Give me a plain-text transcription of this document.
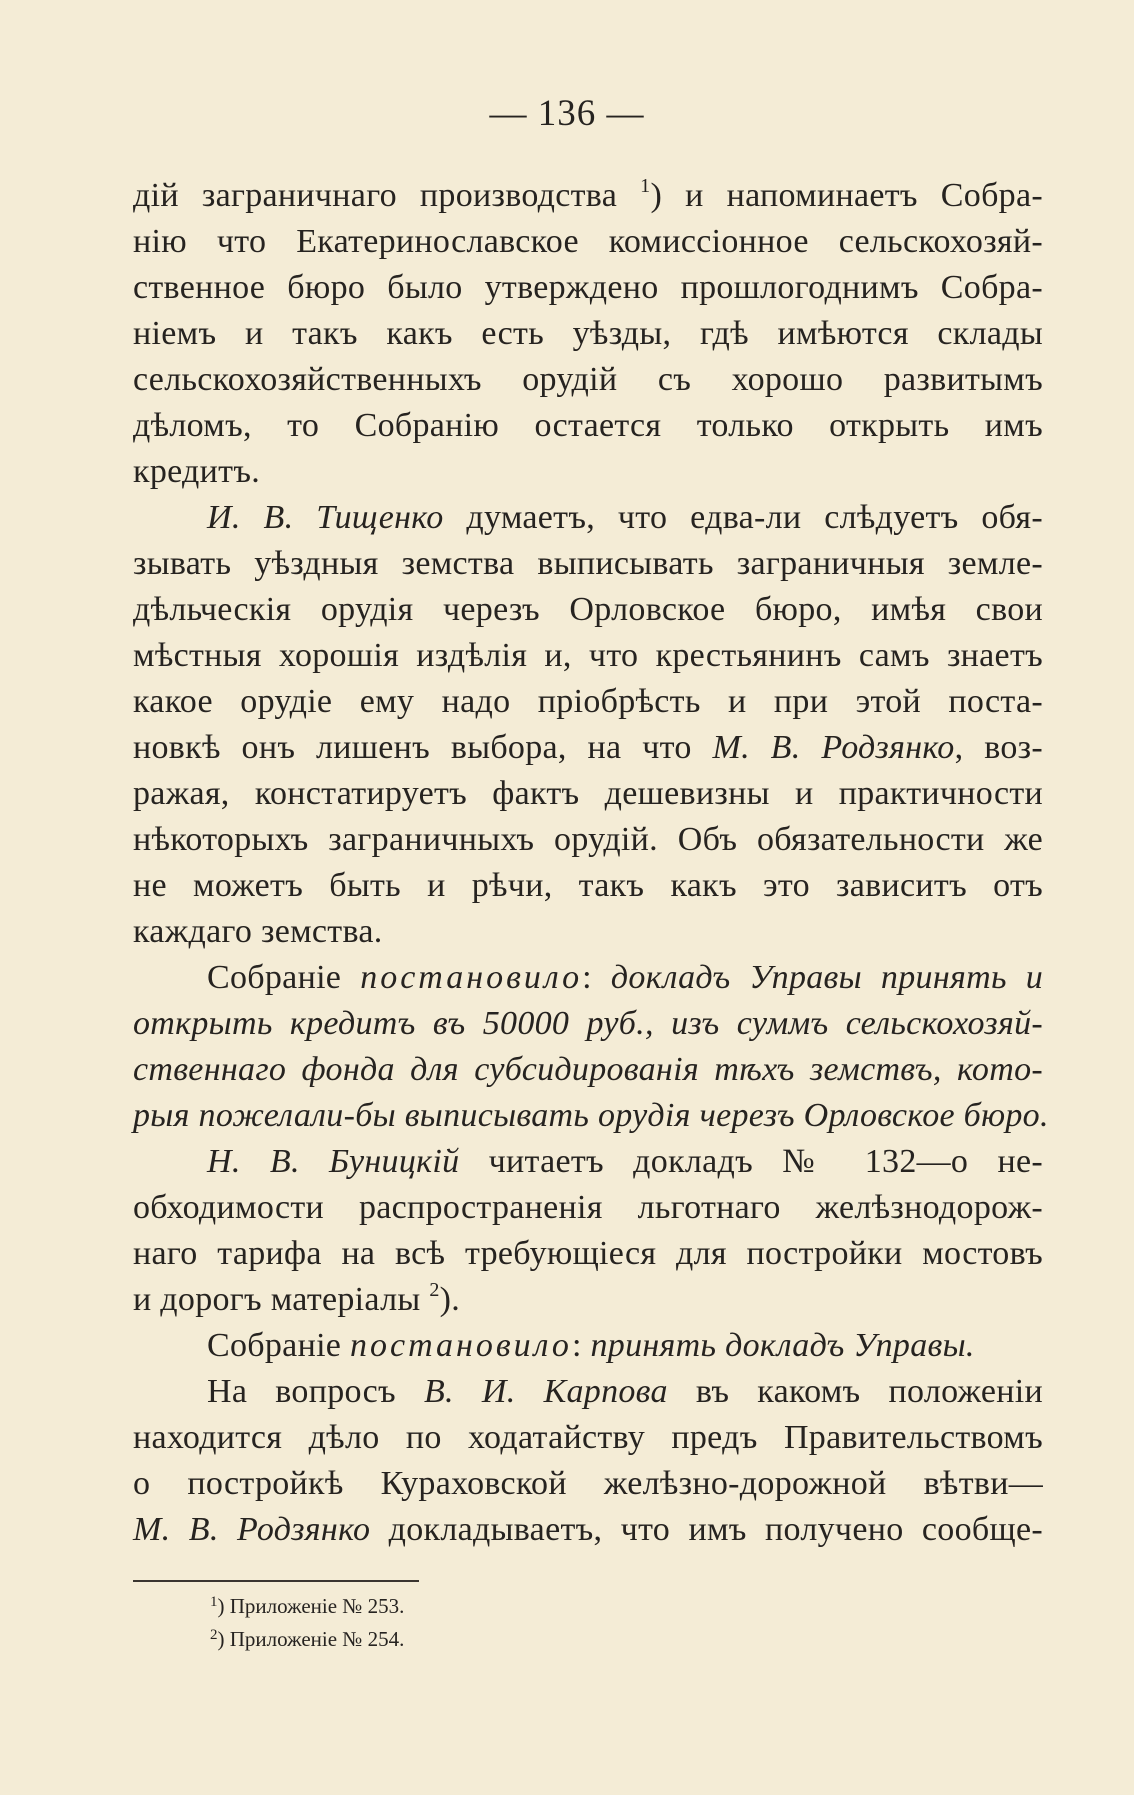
— 136 —
дій заграничнаго производства $^1$) и напоминаетъ Собра-
нію что Екатеринославское комиссіонное сельскохозяй-
ственное бюро было утверждено прошлогоднимъ Собра-
ніемъ и такъ какъ есть уѣзды, гдѣ имѣются склады
сельскохозяйственныхъ орудій съ хорошо развитымъ
дѣломъ, то Собранію остается только открыть имъ
кредитъ.
И. В. Тищенко думаетъ, что едва-ли слѣдуетъ обя-
зывать уѣздныя земства выписывать заграничныя земле-
дѣльческія орудія черезъ Орловское бюро, имѣя свои
мѣстныя хорошія издѣлія и, что крестьянинъ самъ знаетъ
какое орудіе ему надо пріобрѣсть и при этой поста-
новкѣ онъ лишенъ выбора, на что М. В. Родзянко, воз-
ражая, констатируетъ фактъ дешевизны и практичности
нѣкоторыхъ заграничныхъ орудій. Объ обязательности же
не можетъ быть и рѣчи, такъ какъ это зависитъ отъ
каждаго земства.
Собраніе постановило: докладъ Управы принять и
открыть кредитъ въ 50000 руб., изъ суммъ сельскохозяй-
ственнаго фонда для субсидированія тѣхъ земствъ, кото-
рыя пожелали-бы выписывать орудія черезъ Орловское бюро.
Н. В. Буницкій читаетъ докладъ № 132—о не-
обходимости распространенія льготнаго желѣзнодорож-
наго тарифа на всѣ требующіеся для постройки мостовъ
и дорогъ матеріалы $^2$).
Собраніе постановило: принять докладъ Управы.
На вопросъ В. И. Карпова въ какомъ положеніи
находится дѣло по ходатайству предъ Правительствомъ
о постройкѣ Кураховской желѣзно-дорожной вѣтви—
М. В. Родзянко докладываетъ, что имъ получено сообще-
$^1$) Приложеніе № 253.
$^2$) Приложеніе № 254.
